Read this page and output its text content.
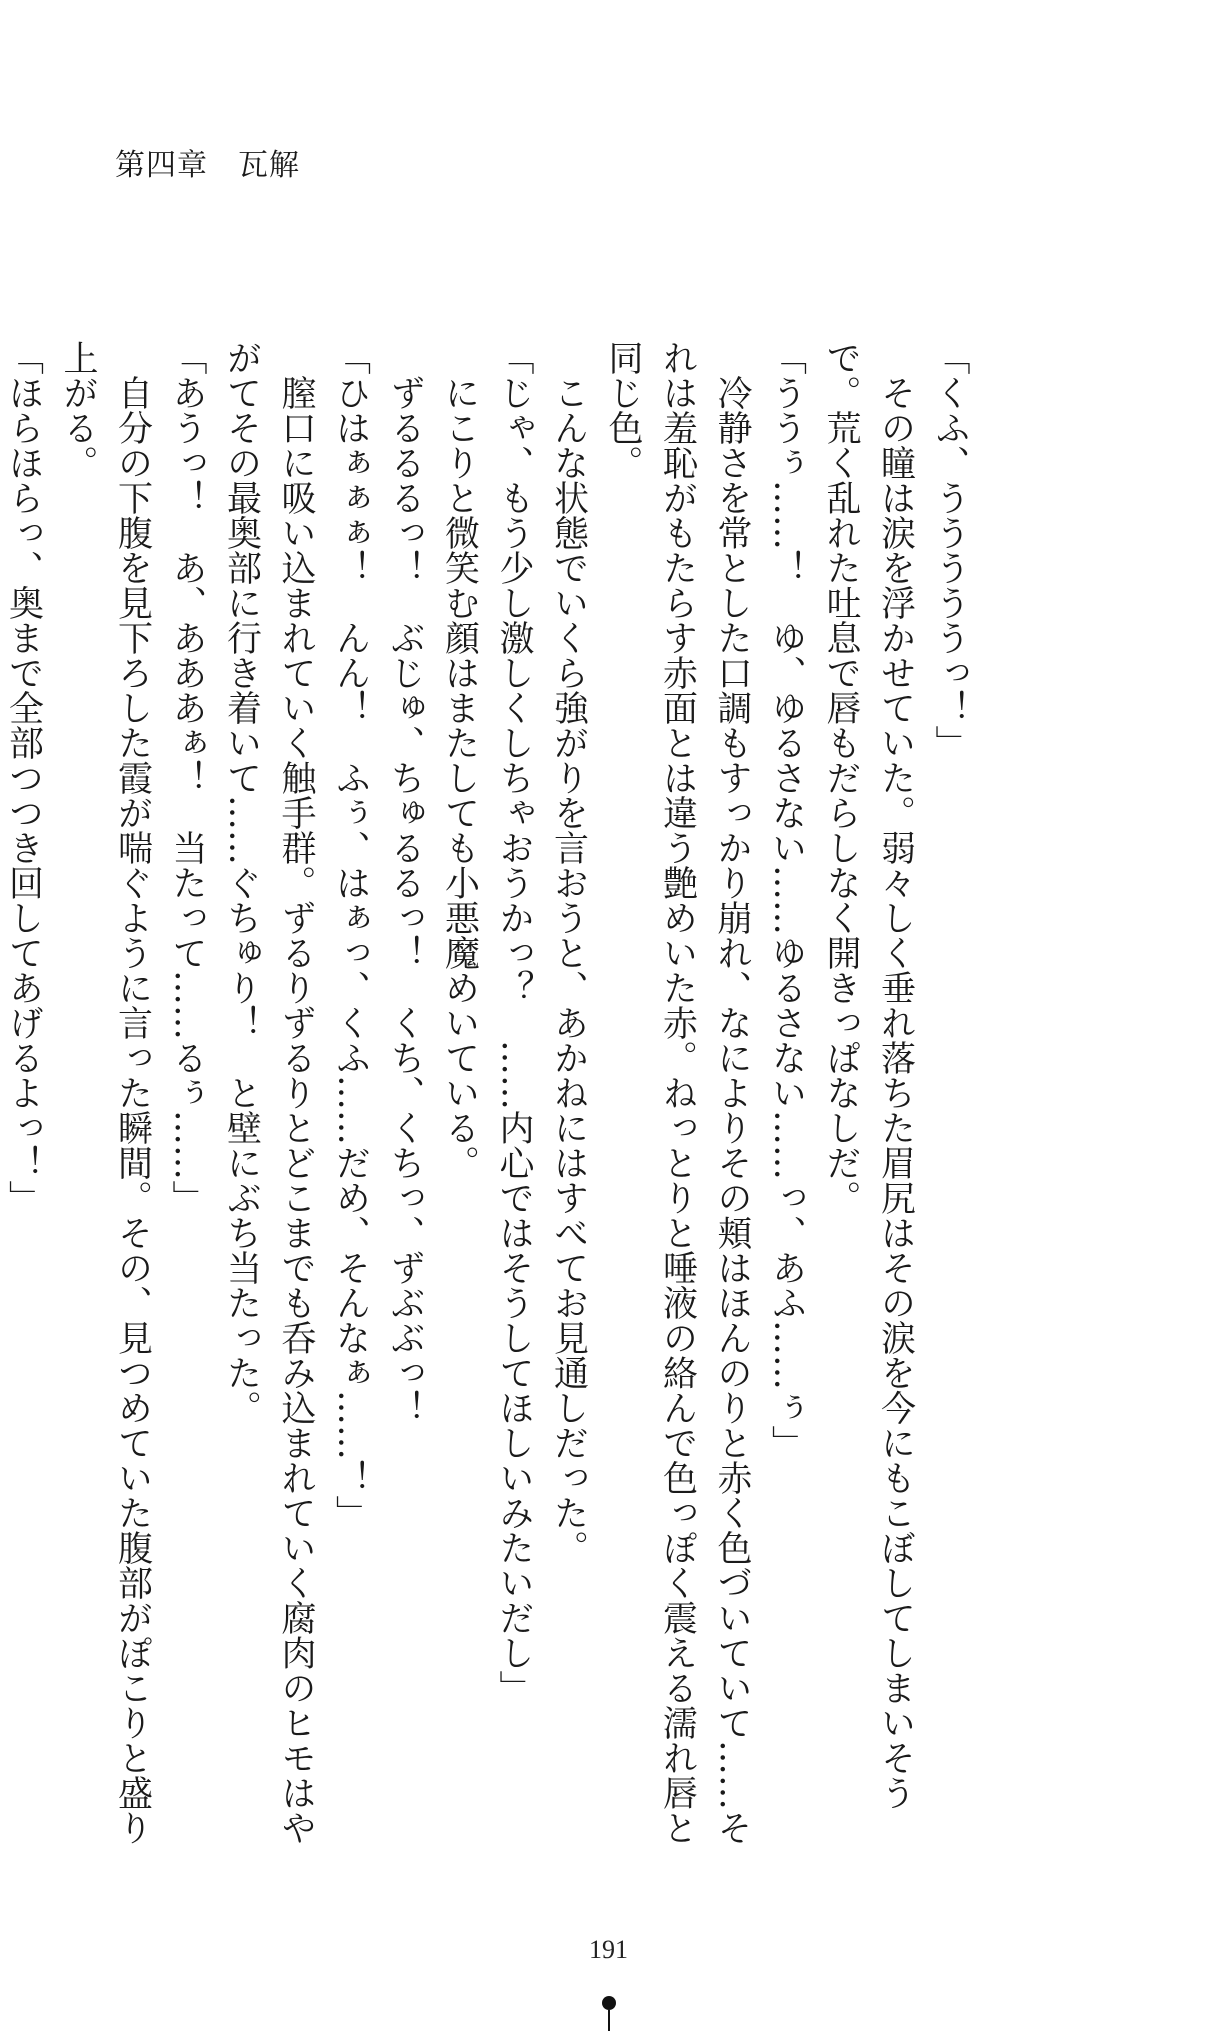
第四章 瓦解

「くふ、うううううっ！」

　その瞳は涙を浮かせていた。弱々しく垂れ落ちた眉尻はその涙を今にもこぼしてしまいそうで。荒く乱れた吐息で唇もだらしなく開きっぱなしだ。

「ううぅ……！　ゆ、ゆるさない……ゆるさない……っ、あふ……ぅ」

　冷静さを常とした口調もすっかり崩れ、なによりその頬はほんのりと赤く色づいていて……それは羞恥がもたらす赤面とは違う艶めいた赤。ねっとりと唾液の絡んで色っぽく震える濡れ唇と同じ色。

　こんな状態でいくら強がりを言おうと、あかねにはすべてお見通しだった。

「じゃ、もう少し激しくしちゃおうかっ？　……内心ではそうしてほしいみたいだし」

　にこりと微笑む顔はまたしても小悪魔めいている。

　ずるるるっ！　ぶじゅ、ちゅるるっ！　くち、くちっ、ずぶぶっ！

「ひはぁぁぁ！　んん！　ふぅ、はぁっ、くふ……だめ、そんなぁ……！」

　膣口に吸い込まれていく触手群。ずるりずるりとどこまでも呑み込まれていく腐肉のヒモはやがてその最奥部に行き着いて……ぐちゅり！　と壁にぶち当たった。

「あうっ！　あ、あああぁ！　当たって……るぅ……」

　自分の下腹を見下ろした霞が喘ぐように言った瞬間。その、見つめていた腹部がぽこりと盛り上がる。

「ほらほらっ、奥まで全部つつき回してあげるよっ！」

191
